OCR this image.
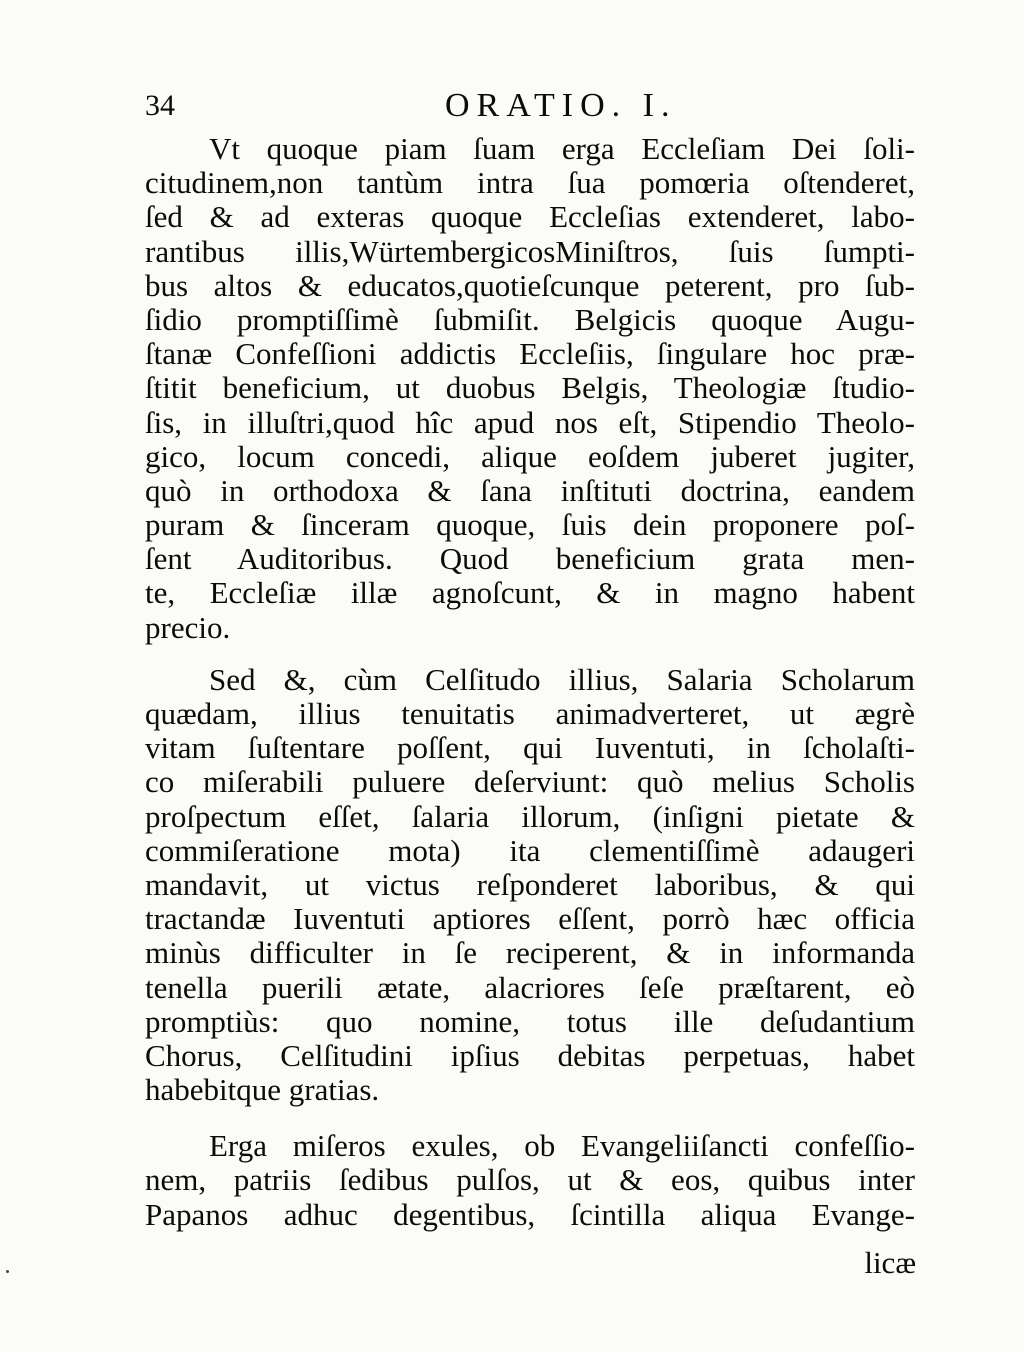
34	ORATIO. I.

Vt quoque piam ſuam erga Eccleſiam Dei ſoli-
citudinem,non tantùm intra ſua pomœria oſtenderet,
ſed & ad exteras quoque Eccleſias extenderet, labo-
rantibus illis,WürtembergicosMiniſtros, ſuis ſumpti-
bus altos & educatos,quotieſcunque peterent, pro ſub-
ſidio promptiſſimè ſubmiſit. Belgicis quoque Augu-
ſtanæ Confeſſioni addictis Eccleſiis, ſingulare hoc præ-
ſtitit beneficium, ut duobus Belgis, Theologiæ ſtudio-
ſis, in illuſtri,quod hîc apud nos eſt, Stipendio Theolo-
gico, locum concedi, aliquе eoſdem juberet jugiter,
quò in orthodoxa & ſana inſtituti doctrina, eandem
puram & ſinceram quoque, ſuis dein proponere poſ-
ſent Auditoribus. Quod beneficium grata men-
te, Eccleſiæ illæ agnoſcunt, & in magno habent
precio.

Sed &, cùm Celſitudo illius, Salaria Scholarum
quædam, illius tenuitatis animadverteret, ut ægrè
vitam ſuſtentare poſſent, qui Iuventuti, in ſcholaſti-
co miſerabili puluere deſerviunt: quò melius Scholis
proſpectum eſſet, ſalaria illorum, (inſigni pietate &
commiſeratione mota) ita clementiſſimè adaugeri
mandavit, ut victus reſponderet laboribus, & qui
tractandæ Iuventuti aptiores eſſent, porrò hæc officia
minùs difficulter in ſe reciperent, & in informanda
tenella puerili ætate, alacriores ſeſe præſtarent, eò
promptiùs: quo nomine, totus ille deſudantium
Chorus, Celſitudini ipſius debitas perpetuas, habet
habebitque gratias.

Erga miſeros exules, ob Evangeliiſancti confeſſio-
nem, patriis ſedibus pulſos, ut & eos, quibus inter
Papanos adhuc degentibus, ſcintilla aliqua Evange-

licæ
